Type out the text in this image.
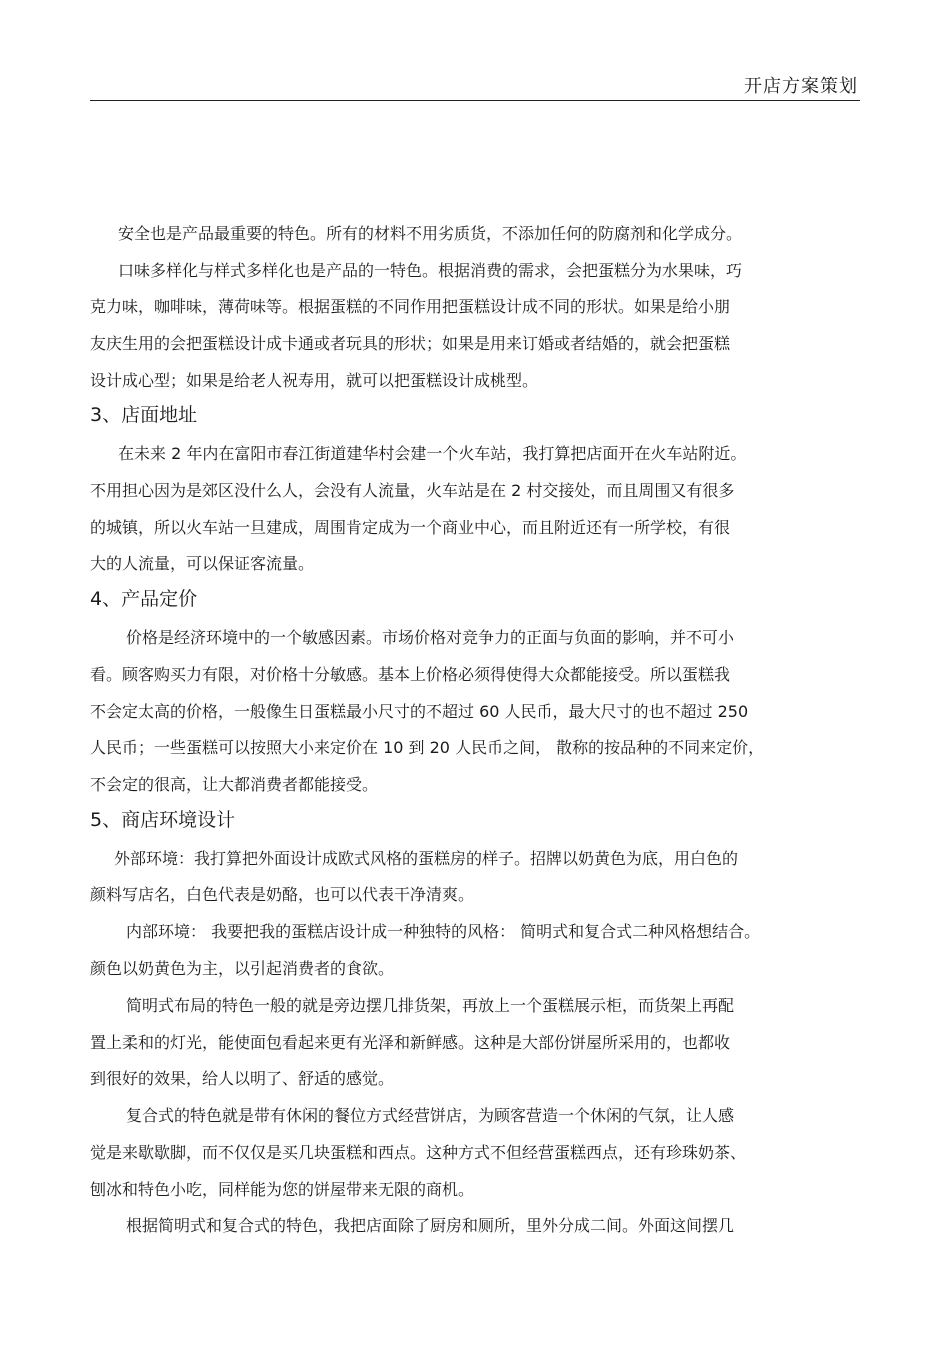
开店方案策划
安全也是产品最重要的特色。所有的材料不用劣质货，不添加任何的防腐剂和化学成分。
口味多样化与样式多样化也是产品的一特色。根据消费的需求，会把蛋糕分为水果味，巧
克力味，咖啡味，薄荷味等。根据蛋糕的不同作用把蛋糕设计成不同的形状。如果是给小朋
友庆生用的会把蛋糕设计成卡通或者玩具的形状；如果是用来订婚或者结婚的，就会把蛋糕
设计成心型；如果是给老人祝寿用，就可以把蛋糕设计成桃型。
3、店面地址
在未来 2 年内在富阳市春江街道建华村会建一个火车站，我打算把店面开在火车站附近。
不用担心因为是郊区没什么人，会没有人流量，火车站是在 2 村交接处，而且周围又有很多
的城镇，所以火车站一旦建成，周围肯定成为一个商业中心，而且附近还有一所学校，有很
大的人流量，可以保证客流量。
4、产品定价
价格是经济环境中的一个敏感因素。市场价格对竞争力的正面与负面的影响，并不可小
看。顾客购买力有限，对价格十分敏感。基本上价格必须得使得大众都能接受。所以蛋糕我
不会定太高的价格，一般像生日蛋糕最小尺寸的不超过 60 人民币，最大尺寸的也不超过 250
人民币；一些蛋糕可以按照大小来定价在 10 到 20 人民币之间， 散称的按品种的不同来定价，
不会定的很高，让大都消费者都能接受。
5、商店环境设计
外部环境：我打算把外面设计成欧式风格的蛋糕房的样子。招牌以奶黄色为底，用白色的
颜料写店名，白色代表是奶酪，也可以代表干净清爽。
内部环境： 我要把我的蛋糕店设计成一种独特的风格： 简明式和复合式二种风格想结合。
颜色以奶黄色为主，以引起消费者的食欲。
简明式布局的特色一般的就是旁边摆几排货架，再放上一个蛋糕展示柜，而货架上再配
置上柔和的灯光，能使面包看起来更有光泽和新鲜感。这种是大部份饼屋所采用的，也都收
到很好的效果，给人以明了、舒适的感觉。
复合式的特色就是带有休闲的餐位方式经营饼店，为顾客营造一个休闲的气氛，让人感
觉是来歇歇脚，而不仅仅是买几块蛋糕和西点。这种方式不但经营蛋糕西点，还有珍珠奶茶、
刨冰和特色小吃，同样能为您的饼屋带来无限的商机。
根据简明式和复合式的特色，我把店面除了厨房和厕所，里外分成二间。外面这间摆几
